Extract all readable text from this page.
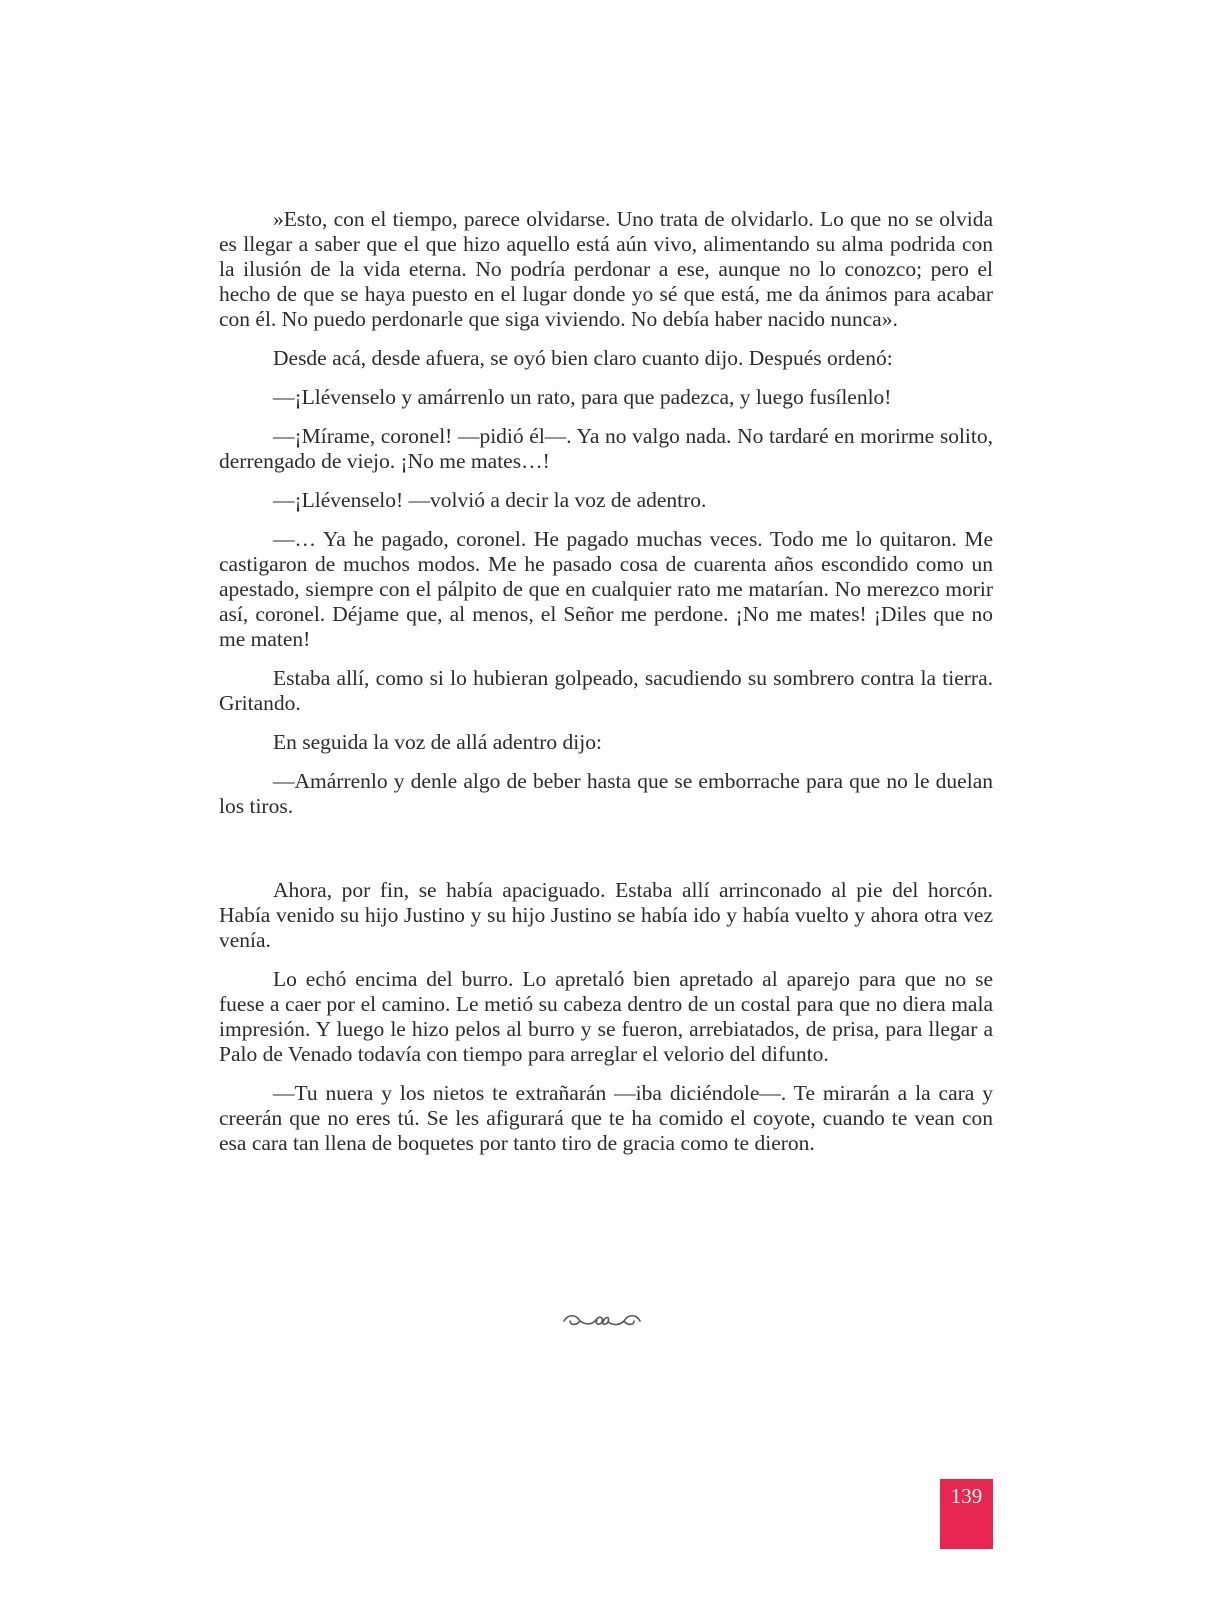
»Esto, con el tiempo, parece olvidarse. Uno trata de olvidarlo. Lo que no se olvida es llegar a saber que el que hizo aquello está aún vivo, alimentando su alma podrida con la ilusión de la vida eterna. No podría perdonar a ese, aunque no lo conozco; pero el hecho de que se haya puesto en el lugar donde yo sé que está, me da ánimos para acabar con él. No puedo perdonarle que siga viviendo. No debía haber nacido nunca».

Desde acá, desde afuera, se oyó bien claro cuanto dijo. Después ordenó:

—¡Llévenselo y amárrenlo un rato, para que padezca, y luego fusílenlo!

—¡Mírame, coronel! —pidió él—. Ya no valgo nada. No tardaré en morirme solito, derrengado de viejo. ¡No me mates…!

—¡Llévenselo! —volvió a decir la voz de adentro.

—… Ya he pagado, coronel. He pagado muchas veces. Todo me lo quitaron. Me castigaron de muchos modos. Me he pasado cosa de cuarenta años escondido como un apestado, siempre con el pálpito de que en cualquier rato me matarían. No merezco morir así, coronel. Déjame que, al menos, el Señor me perdone. ¡No me mates! ¡Diles que no me maten!

Estaba allí, como si lo hubieran golpeado, sacudiendo su sombrero contra la tierra. Gritando.

En seguida la voz de allá adentro dijo:

—Amárrenlo y denle algo de beber hasta que se emborrache para que no le duelan los tiros.

Ahora, por fin, se había apaciguado. Estaba allí arrinconado al pie del horcón. Había venido su hijo Justino y su hijo Justino se había ido y había vuelto y ahora otra vez venía.

Lo echó encima del burro. Lo apretaló bien apretado al aparejo para que no se fuese a caer por el camino. Le metió su cabeza dentro de un costal para que no diera mala impresión. Y luego le hizo pelos al burro y se fueron, arrebiatados, de prisa, para llegar a Palo de Venado todavía con tiempo para arreglar el velorio del difunto.

—Tu nuera y los nietos te extrañarán —iba diciéndole—. Te mirarán a la cara y creerán que no eres tú. Se les afigurará que te ha comido el coyote, cuando te vean con esa cara tan llena de boquetes por tanto tiro de gracia como te dieron.

139
